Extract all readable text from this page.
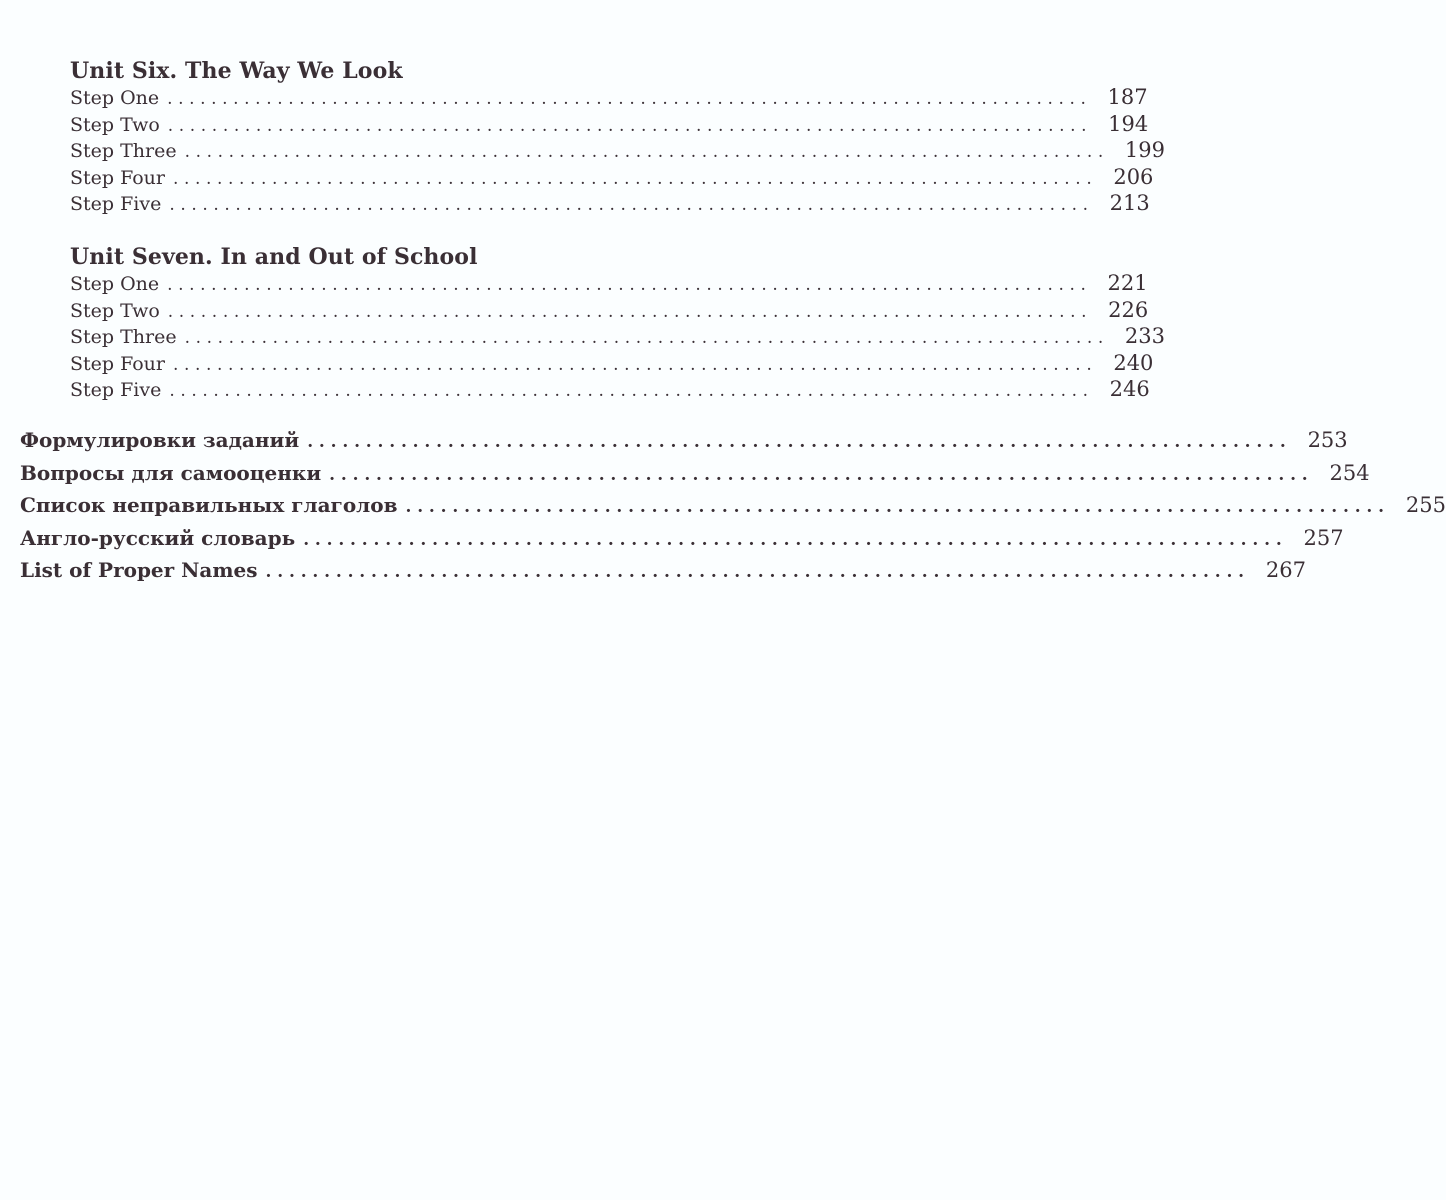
Unit Six. The Way We Look
Step One .................................................................................... 187
Step Two .................................................................................... 194
Step Three .................................................................................... 199
Step Four .................................................................................... 206
Step Five .................................................................................... 213
Unit Seven. In and Out of School
Step One .................................................................................... 221
Step Two .................................................................................... 226
Step Three .................................................................................... 233
Step Four .................................................................................... 240
Step Five .................................................................................... 246
Формулировки заданий .................................................................................... 253
Вопросы для самооценки .................................................................................... 254
Список неправильных глаголов .................................................................................... 255
Англо-русский словарь .................................................................................... 257
List of Proper Names .................................................................................... 267
